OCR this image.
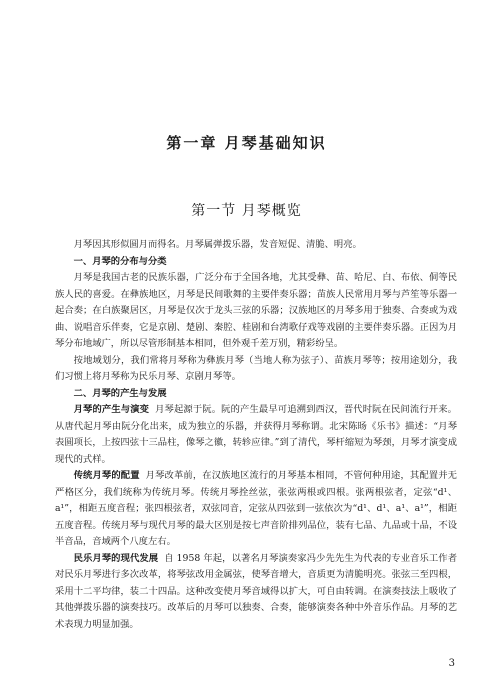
第一章 月琴基础知识
第一节 月琴概览

月琴因其形似圆月而得名。月琴属弹拨乐器，发音短促、清脆、明亮。

一、月琴的分布与分类

月琴是我国古老的民族乐器，广泛分布于全国各地，尤其受彝、苗、哈尼、白、布依、侗等民族人民的喜爱。在彝族地区，月琴是民间歌舞的主要伴奏乐器；苗族人民常用月琴与芦笙等乐器一起合奏；在白族聚居区，月琴是仅次于龙头三弦的乐器；汉族地区的月琴多用于独奏、合奏或为戏曲、说唱音乐伴奏，它是京剧、楚剧、秦腔、桂剧和台湾歌仔戏等戏剧的主要伴奏乐器。正因为月琴分布地域广，所以尽管形制基本相同，但外观千差万别，精彩纷呈。

按地域划分，我们常将月琴称为彝族月琴（当地人称为弦子）、苗族月琴等；按用途划分，我们习惯上将月琴称为民乐月琴、京剧月琴等。

二、月琴的产生与发展

月琴的产生与演变 月琴起源于阮。阮的产生最早可追溯到西汉，晋代时阮在民间流行开来。从唐代起月琴由阮分化出来，成为独立的乐器，并获得月琴称谓。北宋陈旸《乐书》描述：“月琴表圆项长，上按四弦十三品柱，像琴之徽，转轸应律。”到了清代，琴杆缩短为琴颈，月琴才演变成现代的式样。

传统月琴的配置 月琴改革前，在汉族地区流行的月琴基本相同，不管何种用途，其配置并无严格区分，我们统称为传统月琴。传统月琴拴丝弦，张弦两根或四根。张两根弦者，定弦“d¹、a¹”，相距五度音程；张四根弦者，双弦同音，定弦从四弦到一弦依次为“d¹、d¹、a¹、a¹”，相距五度音程。传统月琴与现代月琴的最大区别是按七声音阶排列品位，装有七品、九品或十品，不设半音品，音域两个八度左右。

民乐月琴的现代发展 自 1958 年起，以著名月琴演奏家冯少先先生为代表的专业音乐工作者对民乐月琴进行多次改革，将琴弦改用金属弦，使琴音增大，音质更为清脆明亮。张弦三至四根，采用十二平均律，装二十四品。这种改变使月琴音域得以扩大，可自由转调。在演奏技法上吸收了其他弹拨乐器的演奏技巧。改革后的月琴可以独奏、合奏，能够演奏各种中外音乐作品。月琴的艺术表现力明显加强。

3
